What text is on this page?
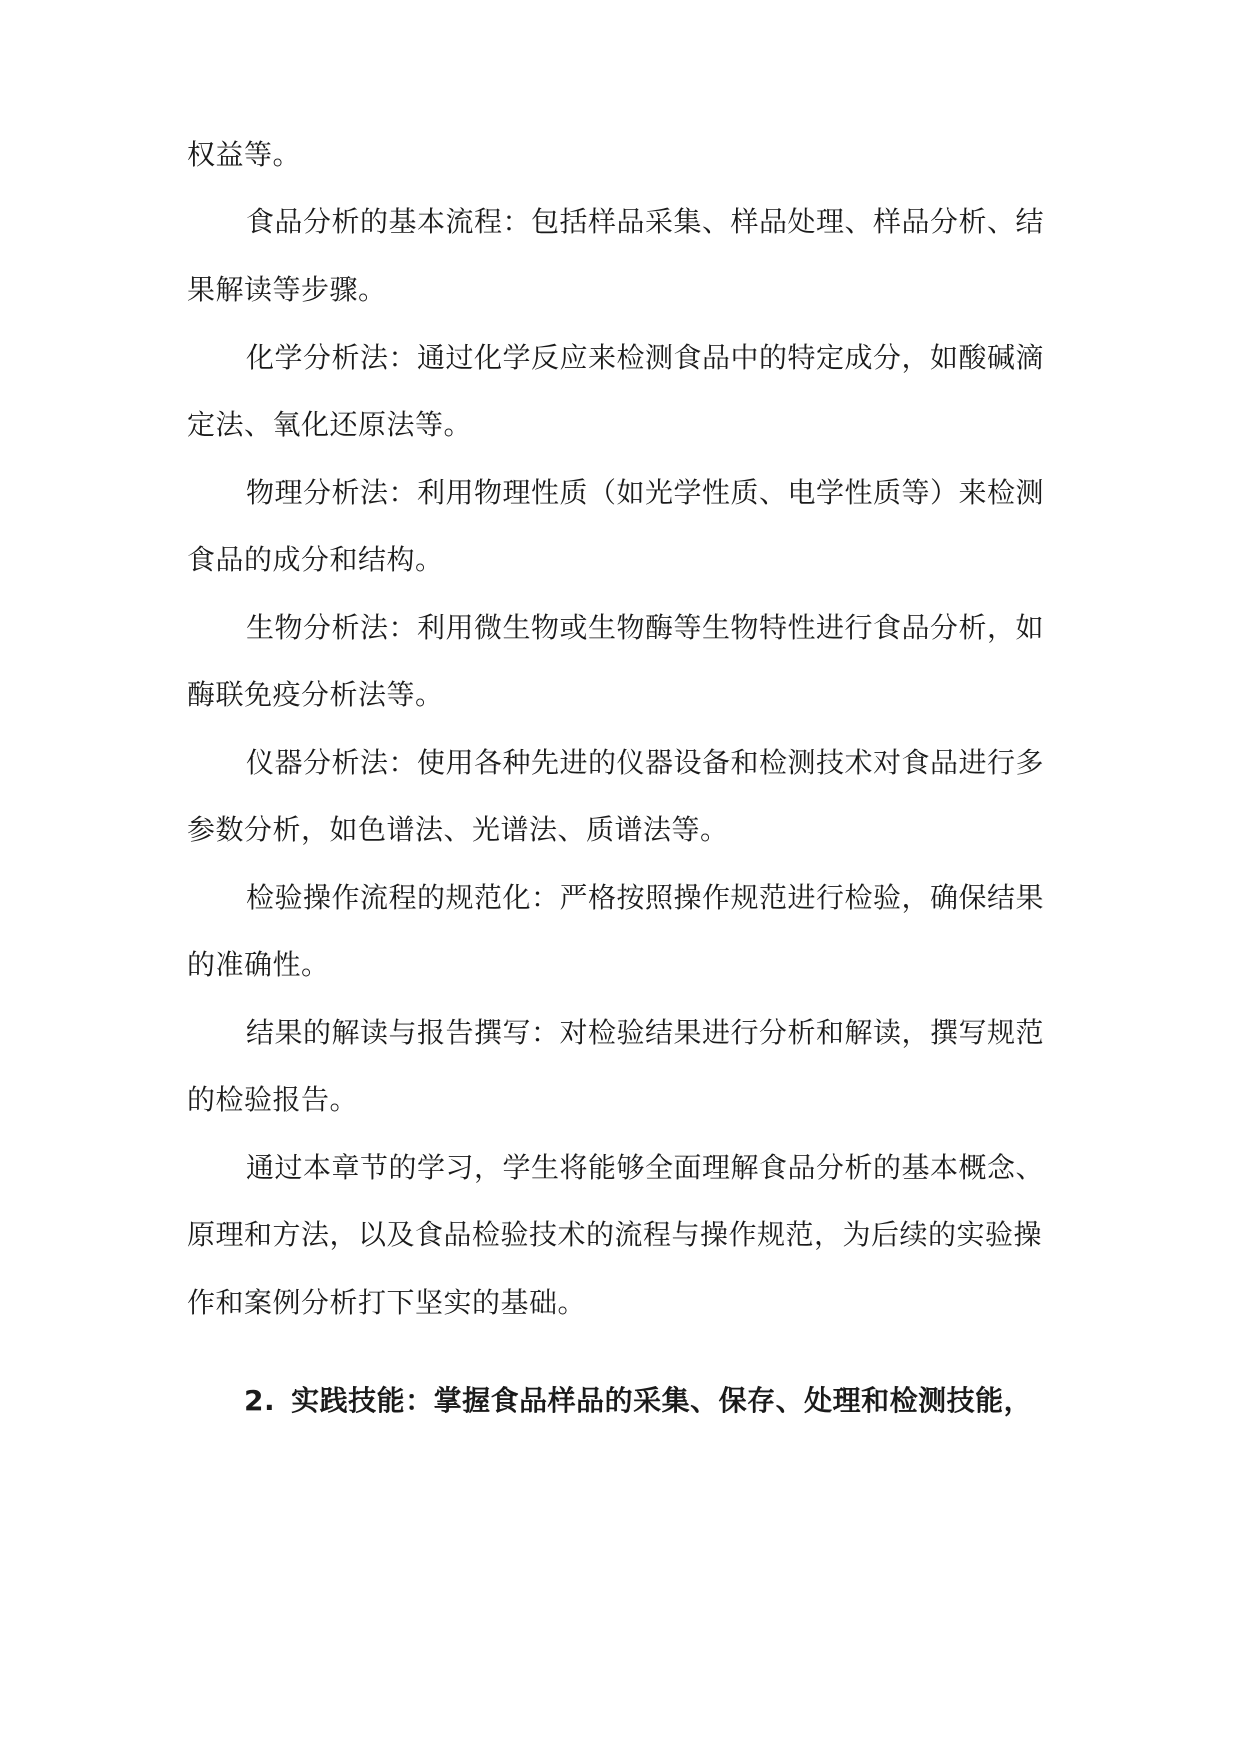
权益等。
食品分析的基本流程：包括样品采集、样品处理、样品分析、结
果解读等步骤。
化学分析法：通过化学反应来检测食品中的特定成分，如酸碱滴
定法、氧化还原法等。
物理分析法：利用物理性质（如光学性质、电学性质等）来检测
食品的成分和结构。
生物分析法：利用微生物或生物酶等生物特性进行食品分析，如
酶联免疫分析法等。
仪器分析法：使用各种先进的仪器设备和检测技术对食品进行多
参数分析，如色谱法、光谱法、质谱法等。
检验操作流程的规范化：严格按照操作规范进行检验，确保结果
的准确性。
结果的解读与报告撰写：对检验结果进行分析和解读，撰写规范
的检验报告。
通过本章节的学习，学生将能够全面理解食品分析的基本概念、
原理和方法，以及食品检验技术的流程与操作规范，为后续的实验操
作和案例分析打下坚实的基础。
2. 实践技能：掌握食品样品的采集、保存、处理和检测技能，
